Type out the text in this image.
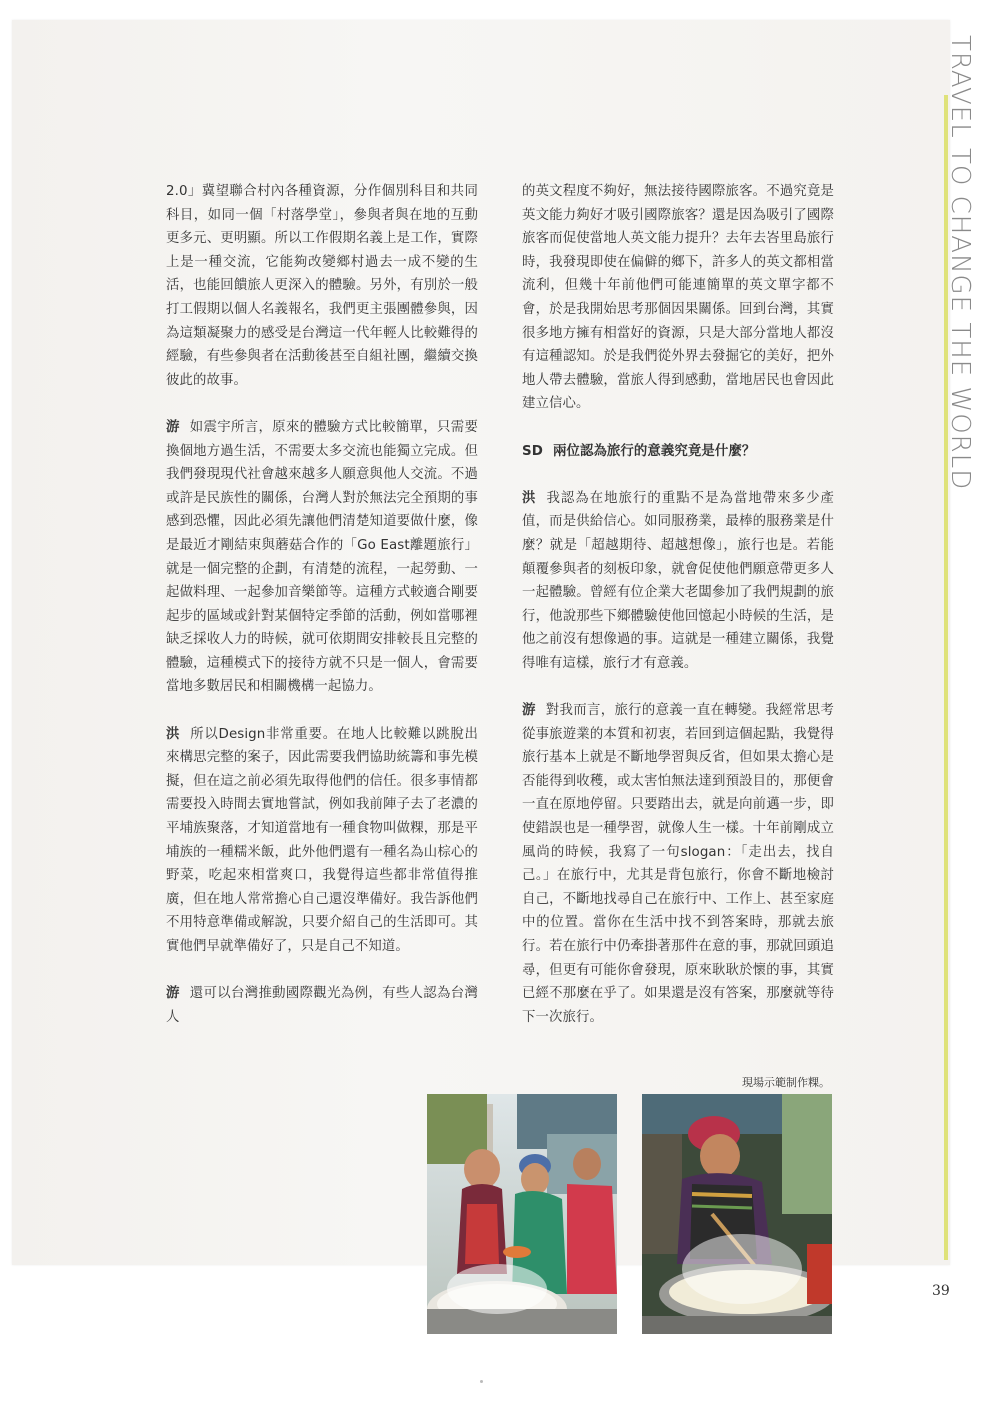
TRAVEL TO CHANGE THE WORLD

2.0」冀望聯合村內各種資源，分作個別科目和共同科目，如同一個「村落學堂」，參與者與在地的互動更多元、更明顯。所以工作假期名義上是工作，實際上是一種交流，它能夠改變鄉村過去一成不變的生活，也能回饋旅人更深入的體驗。另外，有別於一般打工假期以個人名義報名，我們更主張團體參與，因為這類凝聚力的感受是台灣這一代年輕人比較難得的經驗，有些參與者在活動後甚至自組社團，繼續交換彼此的故事。

游 如震宇所言，原來的體驗方式比較簡單，只需要換個地方過生活，不需要太多交流也能獨立完成。但我們發現現代社會越來越多人願意與他人交流。不過或許是民族性的關係，台灣人對於無法完全預期的事感到恐懼，因此必須先讓他們清楚知道要做什麼，像是最近才剛結束與蘑菇合作的「Go East離題旅行」就是一個完整的企劃，有清楚的流程，一起勞動、一起做料理、一起參加音樂節等。這種方式較適合剛要起步的區域或針對某個特定季節的活動，例如當哪裡缺乏採收人力的時候，就可依期間安排較長且完整的體驗，這種模式下的接待方就不只是一個人，會需要當地多數居民和相關機構一起協力。

洪 所以Design非常重要。在地人比較難以跳脫出來構思完整的案子，因此需要我們協助統籌和事先模擬，但在這之前必須先取得他們的信任。很多事情都需要投入時間去實地嘗試，例如我前陣子去了老濃的平埔族聚落，才知道當地有一種食物叫做粿，那是平埔族的一種糯米飯，此外他們還有一種名為山棕心的野菜，吃起來相當爽口，我覺得這些都非常值得推廣，但在地人常常擔心自己還沒準備好。我告訴他們不用特意準備或解說，只要介紹自己的生活即可。其實他們早就準備好了，只是自己不知道。

游 還可以台灣推動國際觀光為例，有些人認為台灣人

的英文程度不夠好，無法接待國際旅客。不過究竟是英文能力夠好才吸引國際旅客？還是因為吸引了國際旅客而促使當地人英文能力提升？去年去峇里島旅行時，我發現即使在偏僻的鄉下，許多人的英文都相當流利，但幾十年前他們可能連簡單的英文單字都不會，於是我開始思考那個因果關係。回到台灣，其實很多地方擁有相當好的資源，只是大部分當地人都沒有這種認知。於是我們從外界去發掘它的美好，把外地人帶去體驗，當旅人得到感動，當地居民也會因此建立信心。

SD 兩位認為旅行的意義究竟是什麼？

洪 我認為在地旅行的重點不是為當地帶來多少產值，而是供給信心。如同服務業，最棒的服務業是什麼？就是「超越期待、超越想像」，旅行也是。若能顛覆參與者的刻板印象，就會促使他們願意帶更多人一起體驗。曾經有位企業大老闆參加了我們規劃的旅行，他說那些下鄉體驗使他回憶起小時候的生活，是他之前沒有想像過的事。這就是一種建立關係，我覺得唯有這樣，旅行才有意義。

游 對我而言，旅行的意義一直在轉變。我經常思考從事旅遊業的本質和初衷，若回到這個起點，我覺得旅行基本上就是不斷地學習與反省，但如果太擔心是否能得到收穫，或太害怕無法達到預設目的，那便會一直在原地停留。只要踏出去，就是向前邁一步，即使錯誤也是一種學習，就像人生一樣。十年前剛成立風尚的時候，我寫了一句slogan：「走出去，找自己。」在旅行中，尤其是背包旅行，你會不斷地檢討自己，不斷地找尋自己在旅行中、工作上、甚至家庭中的位置。當你在生活中找不到答案時，那就去旅行。若在旅行中仍牽掛著那件在意的事，那就回頭追尋，但更有可能你會發現，原來耿耿於懷的事，其實已經不那麼在乎了。如果還是沒有答案，那麼就等待下一次旅行。

現場示範制作粿。
39
